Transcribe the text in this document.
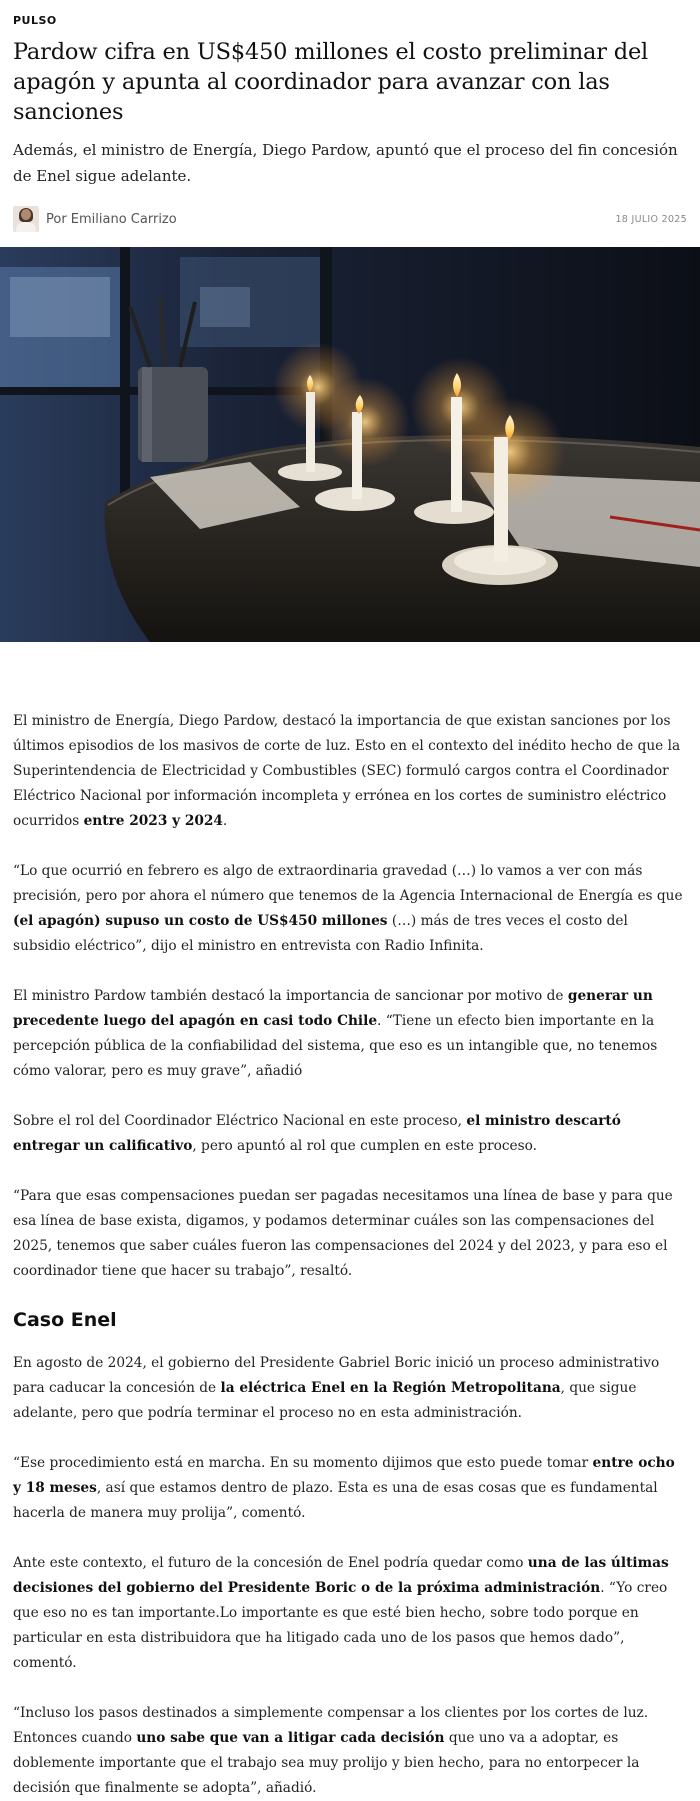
PULSO
Pardow cifra en US$450 millones el costo preliminar del apagón y apunta al coordinador para avanzar con las sanciones

Además, el ministro de Energía, Diego Pardow, apuntó que el proceso del fin concesión de Enel sigue adelante.

Por Emiliano Carrizo	18 JULIO 2025

El ministro de Energía, Diego Pardow, destacó la importancia de que existan sanciones por los últimos episodios de los masivos de corte de luz. Esto en el contexto del inédito hecho de que la Superintendencia de Electricidad y Combustibles (SEC) formuló cargos contra el Coordinador Eléctrico Nacional por información incompleta y errónea en los cortes de suministro eléctrico ocurridos entre 2023 y 2024.

“Lo que ocurrió en febrero es algo de extraordinaria gravedad (…) lo vamos a ver con más precisión, pero por ahora el número que tenemos de la Agencia Internacional de Energía es que (el apagón) supuso un costo de US$450 millones (…) más de tres veces el costo del subsidio eléctrico”, dijo el ministro en entrevista con Radio Infinita.

El ministro Pardow también destacó la importancia de sancionar por motivo de generar un precedente luego del apagón en casi todo Chile. “Tiene un efecto bien importante en la percepción pública de la confiabilidad del sistema, que eso es un intangible que, no tenemos cómo valorar, pero es muy grave”, añadió

Sobre el rol del Coordinador Eléctrico Nacional en este proceso, el ministro descartó entregar un calificativo, pero apuntó al rol que cumplen en este proceso.

“Para que esas compensaciones puedan ser pagadas necesitamos una línea de base y para que esa línea de base exista, digamos, y podamos determinar cuáles son las compensaciones del 2025, tenemos que saber cuáles fueron las compensaciones del 2024 y del 2023, y para eso el coordinador tiene que hacer su trabajo”, resaltó.

Caso Enel

En agosto de 2024, el gobierno del Presidente Gabriel Boric inició un proceso administrativo para caducar la concesión de la eléctrica Enel en la Región Metropolitana, que sigue adelante, pero que podría terminar el proceso no en esta administración.

“Ese procedimiento está en marcha. En su momento dijimos que esto puede tomar entre ocho y 18 meses, así que estamos dentro de plazo. Esta es una de esas cosas que es fundamental hacerla de manera muy prolija”, comentó.

Ante este contexto, el futuro de la concesión de Enel podría quedar como una de las últimas decisiones del gobierno del Presidente Boric o de la próxima administración. “Yo creo que eso no es tan importante.Lo importante es que esté bien hecho, sobre todo porque en particular en esta distribuidora que ha litigado cada uno de los pasos que hemos dado”, comentó.

“Incluso los pasos destinados a simplemente compensar a los clientes por los cortes de luz. Entonces cuando uno sabe que van a litigar cada decisión que uno va a adoptar, es doblemente importante que el trabajo sea muy prolijo y bien hecho, para no entorpecer la decisión que finalmente se adopta”, añadió.
